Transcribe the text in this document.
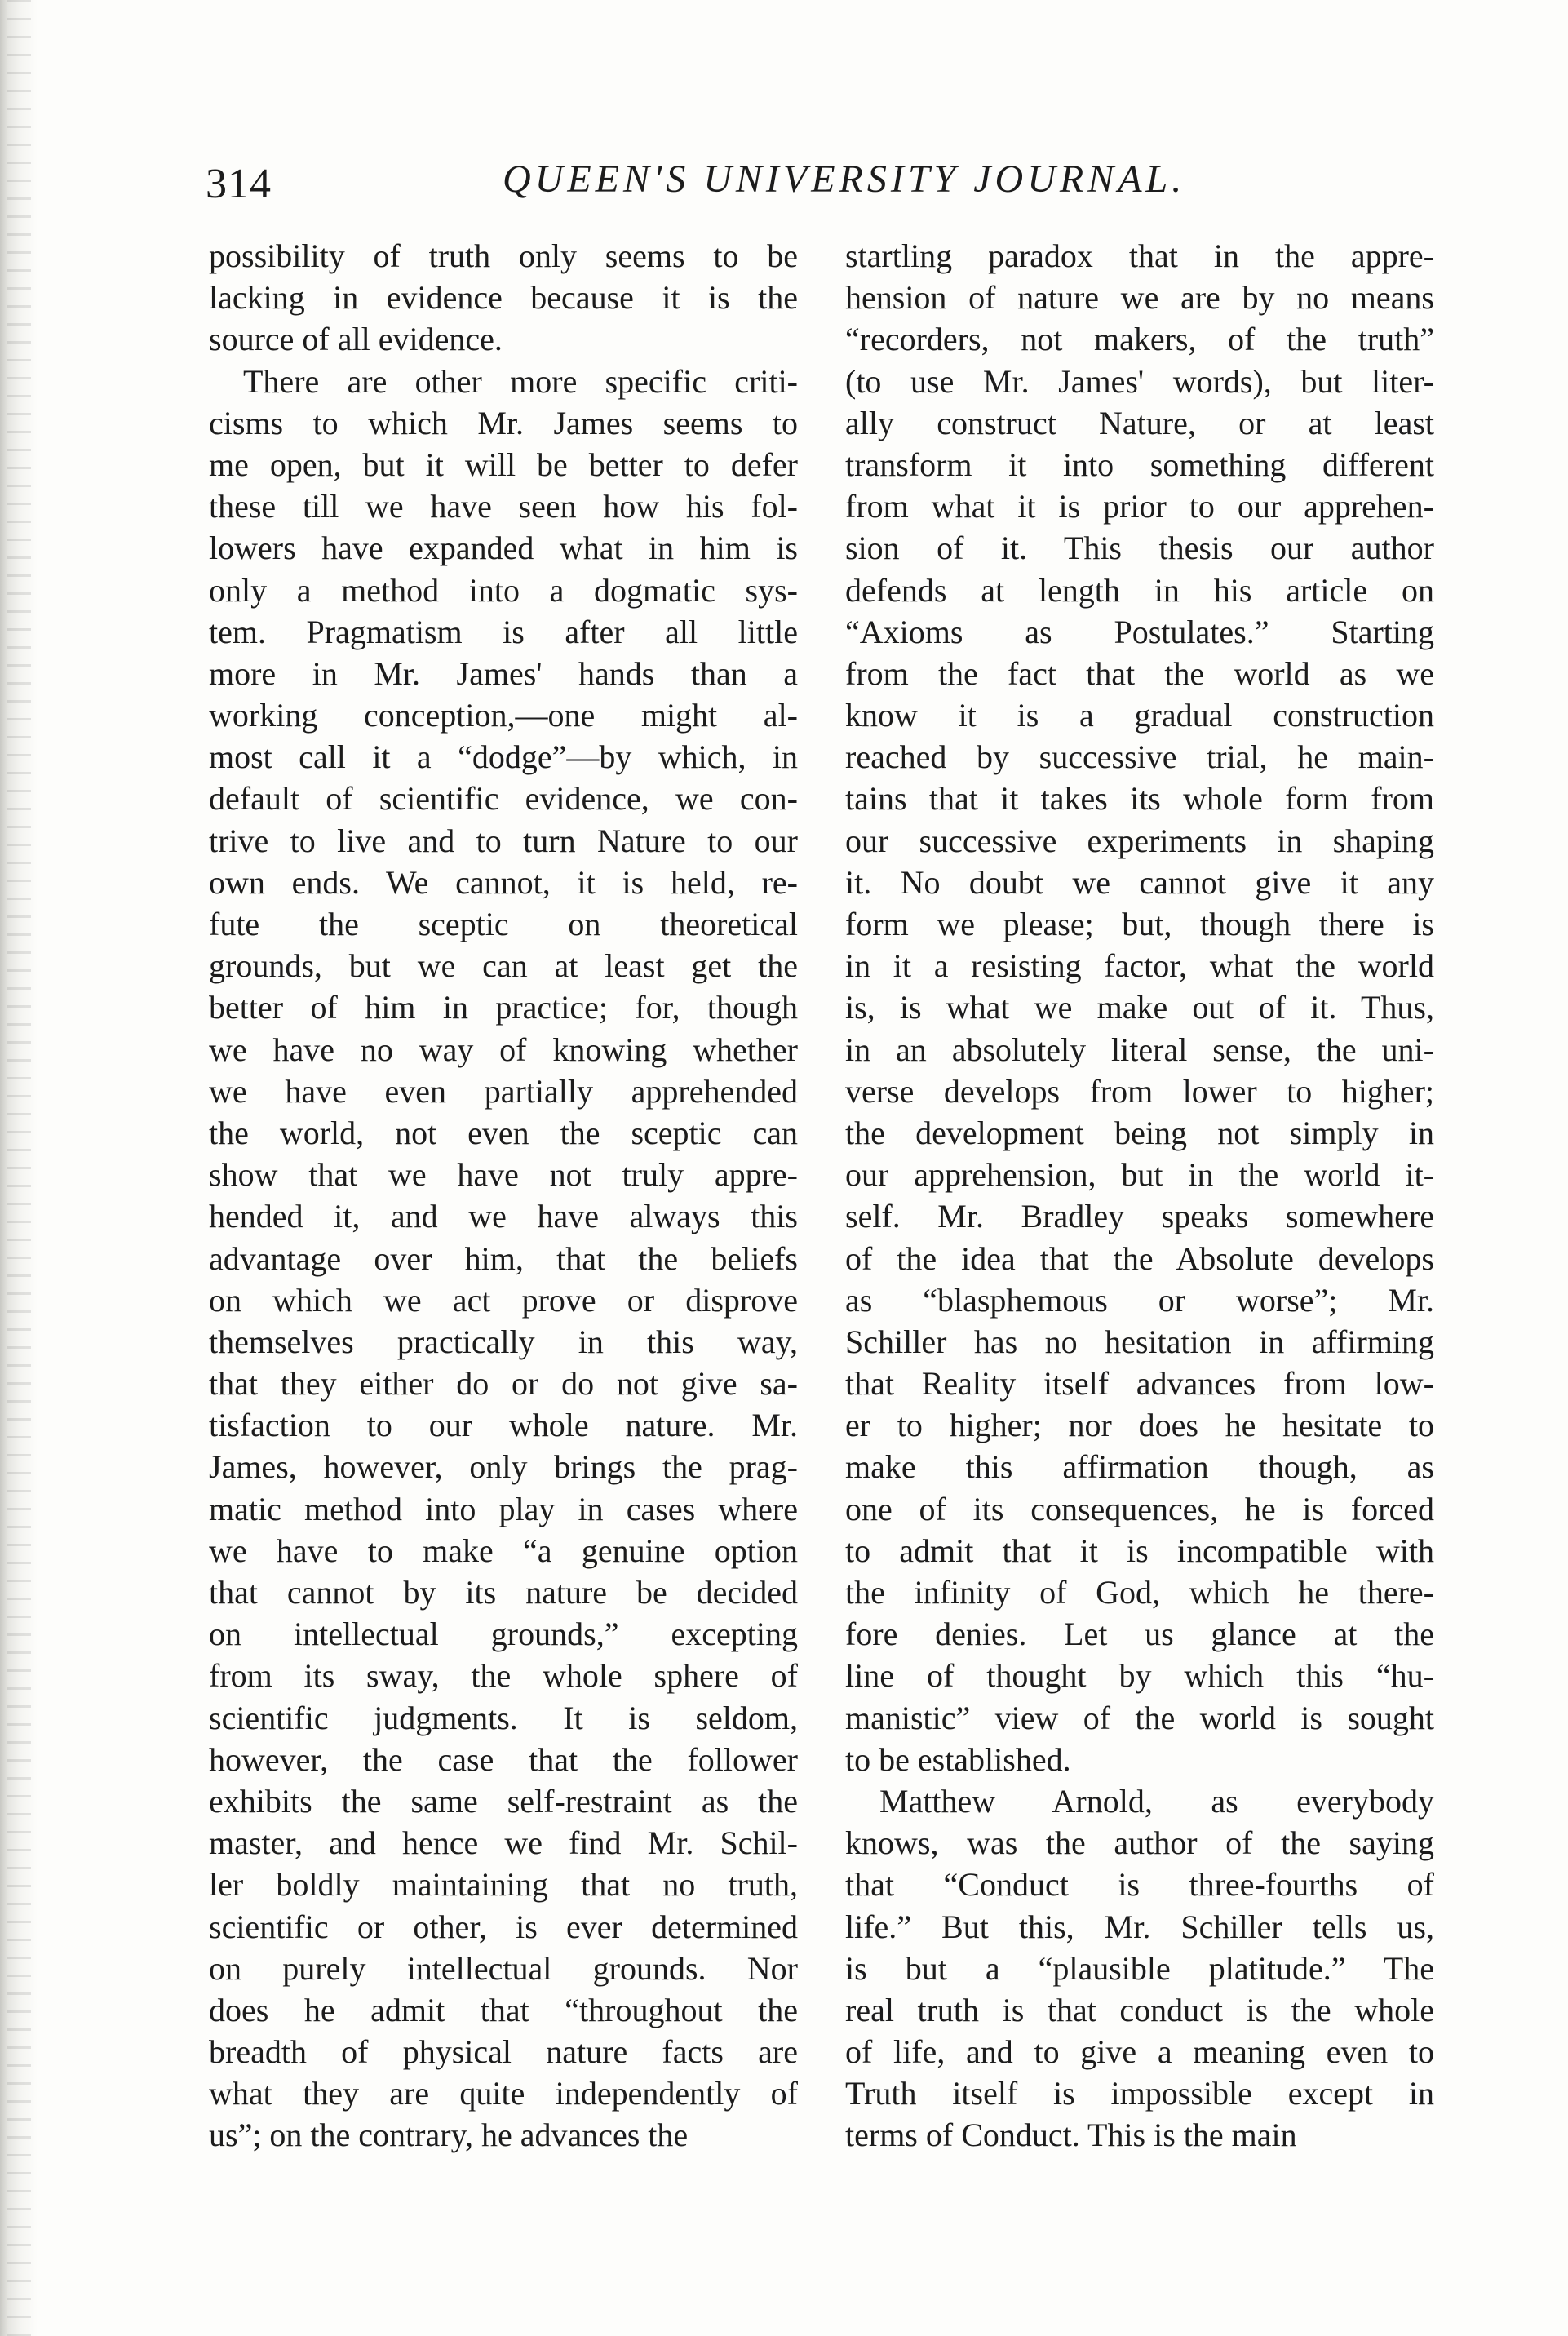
314	QUEEN'S UNIVERSITY JOURNAL.
possibility of truth only seems to be
lacking in evidence because it is the
source of all evidence.
There are other more specific criti-
cisms to which Mr. James seems to
me open, but it will be better to defer
these till we have seen how his fol-
lowers have expanded what in him is
only a method into a dogmatic sys-
tem. Pragmatism is after all little
more in Mr. James' hands than a
working conception,—one might al-
most call it a “dodge”—by which, in
default of scientific evidence, we con-
trive to live and to turn Nature to our
own ends. We cannot, it is held, re-
fute the sceptic on theoretical
grounds, but we can at least get the
better of him in practice; for, though
we have no way of knowing whether
we have even partially apprehended
the world, not even the sceptic can
show that we have not truly appre-
hended it, and we have always this
advantage over him, that the beliefs
on which we act prove or disprove
themselves practically in this way,
that they either do or do not give sa-
tisfaction to our whole nature. Mr.
James, however, only brings the prag-
matic method into play in cases where
we have to make “a genuine option
that cannot by its nature be decided
on intellectual grounds,” excepting
from its sway, the whole sphere of
scientific judgments. It is seldom,
however, the case that the follower
exhibits the same self-restraint as the
master, and hence we find Mr. Schil-
ler boldly maintaining that no truth,
scientific or other, is ever determined
on purely intellectual grounds. Nor
does he admit that “throughout the
breadth of physical nature facts are
what they are quite independently of
us”; on the contrary, he advances the
startling paradox that in the appre-
hension of nature we are by no means
“recorders, not makers, of the truth”
(to use Mr. James' words), but liter-
ally construct Nature, or at least
transform it into something different
from what it is prior to our apprehen-
sion of it. This thesis our author
defends at length in his article on
“Axioms as Postulates.” Starting
from the fact that the world as we
know it is a gradual construction
reached by successive trial, he main-
tains that it takes its whole form from
our successive experiments in shaping
it. No doubt we cannot give it any
form we please; but, though there is
in it a resisting factor, what the world
is, is what we make out of it. Thus,
in an absolutely literal sense, the uni-
verse develops from lower to higher;
the development being not simply in
our apprehension, but in the world it-
self. Mr. Bradley speaks somewhere
of the idea that the Absolute develops
as “blasphemous or worse”; Mr.
Schiller has no hesitation in affirming
that Reality itself advances from low-
er to higher; nor does he hesitate to
make this affirmation though, as
one of its consequences, he is forced
to admit that it is incompatible with
the infinity of God, which he there-
fore denies. Let us glance at the
line of thought by which this “hu-
manistic” view of the world is sought
to be established.
Matthew Arnold, as everybody
knows, was the author of the saying
that “Conduct is three-fourths of
life.” But this, Mr. Schiller tells us,
is but a “plausible platitude.” The
real truth is that conduct is the whole
of life, and to give a meaning even to
Truth itself is impossible except in
terms of Conduct. This is the main
